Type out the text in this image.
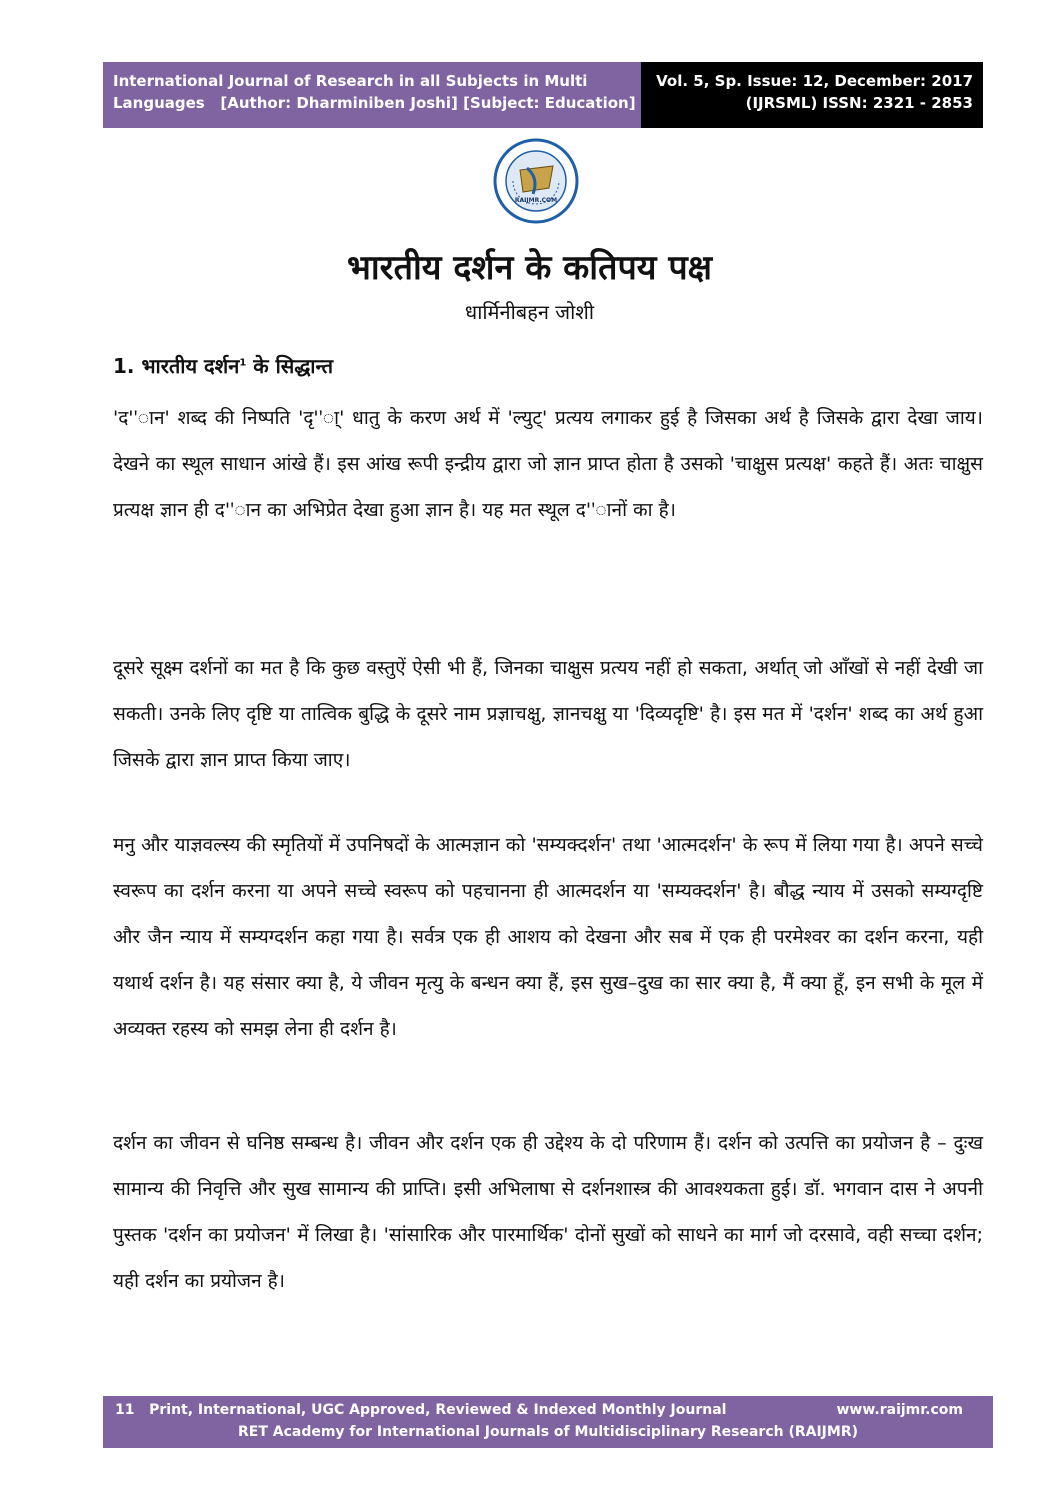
International Journal of Research in all Subjects in Multi
Languages   [Author: Dharminiben Joshi] [Subject: Education]
Vol. 5, Sp. Issue: 12, December: 2017
(IJRSML) ISSN: 2321 - 2853
RAIJMR.COM
भारतीय दर्शन के कतिपय पक्ष
धार्मिनीबहन जोशी
1. भारतीय दर्शन$^1$ के सिद्धान्त

'द''ान' शब्द की निष्पति 'दृ''ा्' धातु के करण अर्थ में 'ल्युट्' प्रत्यय लगाकर हुई है जिसका अर्थ है जिसके द्वारा देखा जाय। देखने का स्थूल साधान आंखे हैं। इस आंख रूपी इन्द्रीय द्वारा जो ज्ञान प्राप्त होता है उसको 'चाक्षुस प्रत्यक्ष' कहते हैं। अतः चाक्षुस प्रत्यक्ष ज्ञान ही द''ान का अभिप्रेत देखा हुआ ज्ञान है। यह मत स्थूल द''ानों का है।

दूसरे सूक्ष्म दर्शनों का मत है कि कुछ वस्तुऐं ऐसी भी हैं, जिनका चाक्षुस प्रत्यय नहीं हो सकता, अर्थात् जो आँखों से नहीं देखी जा सकती। उनके लिए दृष्टि या तात्विक बुद्धि के दूसरे नाम प्रज्ञाचक्षु, ज्ञानचक्षु या 'दिव्यदृष्टि' है। इस मत में 'दर्शन' शब्द का अर्थ हुआ जिसके द्वारा ज्ञान प्राप्त किया जाए।

मनु और याज्ञवल्स्य की स्मृतियों में उपनिषदों के आत्मज्ञान को 'सम्यक्दर्शन' तथा 'आत्मदर्शन' के रूप में लिया गया है। अपने सच्चे स्वरूप का दर्शन करना या अपने सच्चे स्वरूप को पहचानना ही आत्मदर्शन या 'सम्यक्दर्शन' है। बौद्ध न्याय में उसको सम्यग्दृष्टि और जैन न्याय में सम्यग्दर्शन कहा गया है। सर्वत्र एक ही आशय को देखना और सब में एक ही परमेश्वर का दर्शन करना, यही यथार्थ दर्शन है। यह संसार क्या है, ये जीवन मृत्यु के बन्धन क्या हैं, इस सुख–दुख का सार क्या है, मैं क्या हूँ, इन सभी के मूल में अव्यक्त रहस्य को समझ लेना ही दर्शन है।

दर्शन का जीवन से घनिष्ठ सम्बन्ध है। जीवन और दर्शन एक ही उद्देश्य के दो परिणाम हैं। दर्शन को उत्पत्ति का प्रयोजन है – दुःख सामान्य की निवृत्ति और सुख सामान्य की प्राप्ति। इसी अभिलाषा से दर्शनशास्त्र की आवश्यकता हुई। डॉ. भगवान दास ने अपनी पुस्तक 'दर्शन का प्रयोजन' में लिखा है। 'सांसारिक और पारमार्थिक' दोनों सुखों को साधने का मार्ग जो दरसावे, वही सच्चा दर्शन; यही दर्शन का प्रयोजन है।

11 Print, International, UGC Approved, Reviewed & Indexed Monthly Journal	www.raijmr.com
RET Academy for International Journals of Multidisciplinary Research (RAIJMR)
